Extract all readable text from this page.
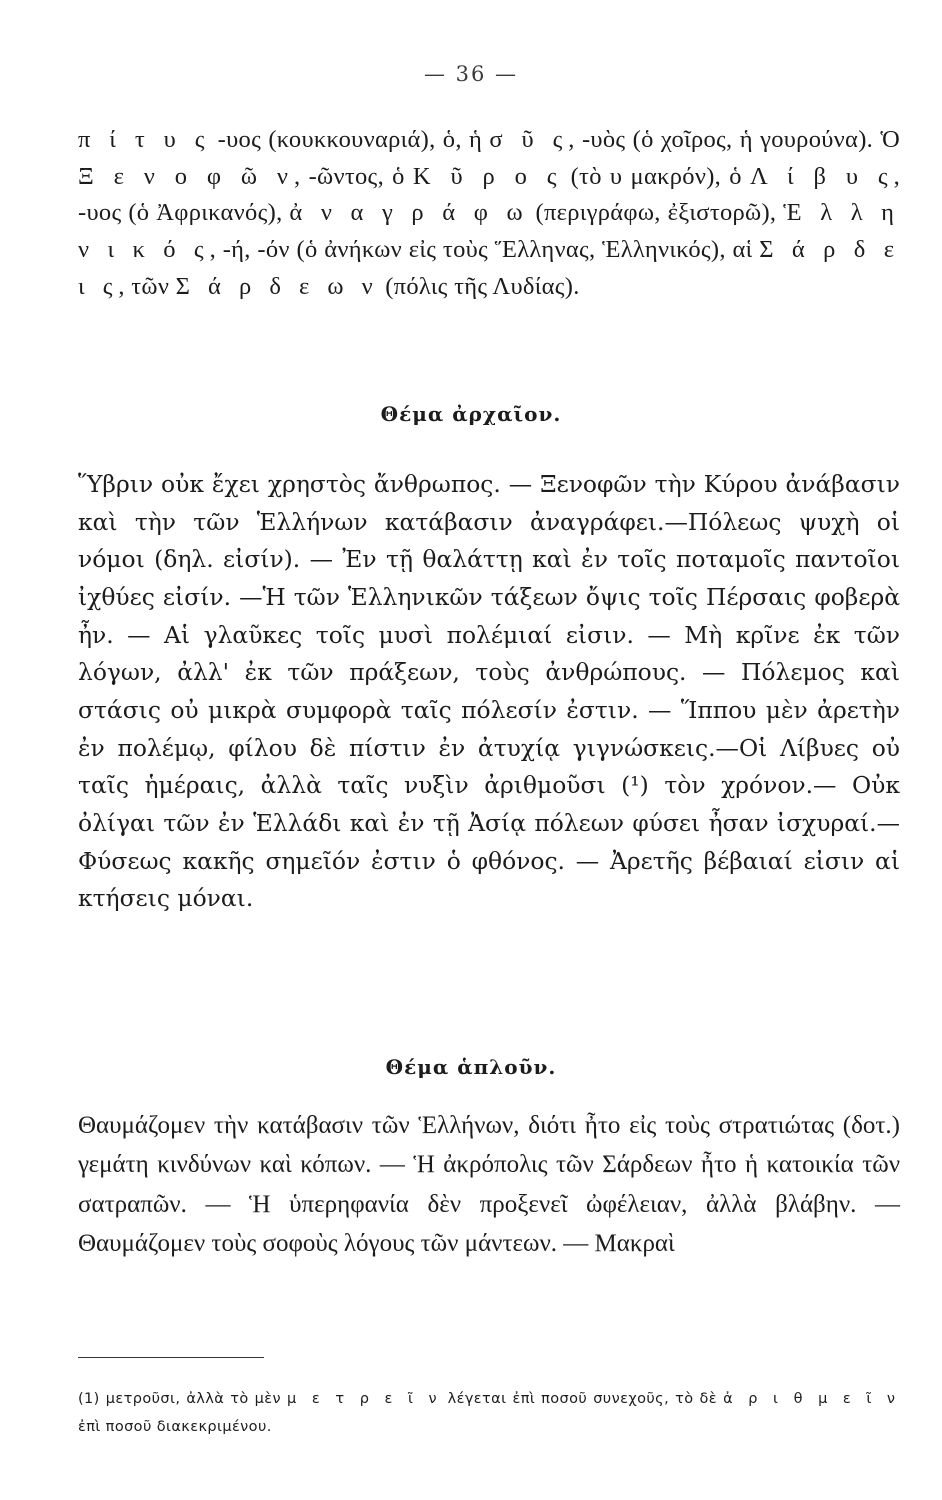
— 36 —
π ί τ υ ς -υος (κουκκουναριά), ὁ, ἡ σ ῦ ς, -υὸς (ὁ χοῖρος, ἡ γουρούνα). Ὁ Ξ ε ν ο φ ῶ ν, -ῶντος, ὁ Κ ῦ ρ ο ς (τὸ υ μακρόν), ὁ Λ ί β υ ς, -υος (ὁ Ἀφρικανός), ἀ ν α γ ρ ά φ ω (περιγράφω, ἐξιστορῶ), Ἑ λ λ η ν ι κ ό ς, -ή, -όν (ὁ ἀνήκων εἰς τοὺς Ἕλληνας, Ἑλληνικός), αἱ Σ ά ρ δ ε ι ς, τῶν Σ ά ρ δ ε ω ν (πόλις τῆς Λυδίας).
Θέμα ἀρχαῖον.
Ὕβριν οὐκ ἔχει χρηστὸς ἄνθρωπος. — Ξενοφῶν τὴν Κύρου ἀνάβασιν καὶ τὴν τῶν Ἑλλήνων κατάβασιν ἀναγράφει.—Πόλεως ψυχὴ οἱ νόμοι (δηλ. εἰσίν). — Ἐν τῇ θαλάττῃ καὶ ἐν τοῖς ποταμοῖς παντοῖοι ἰχθύες εἰσίν. —Ἡ τῶν Ἑλληνικῶν τάξεων ὄψις τοῖς Πέρσαις φοβερὰ ἦν. — Αἱ γλαῦκες τοῖς μυσὶ πολέμιαί εἰσιν. — Μὴ κρῖνε ἐκ τῶν λόγων, ἀλλ' ἐκ τῶν πράξεων, τοὺς ἀνθρώπους. — Πόλεμος καὶ στάσις οὐ μικρὰ συμφορὰ ταῖς πόλεσίν ἐστιν. — Ἵππου μὲν ἀρετὴν ἐν πολέμῳ, φίλου δὲ πίστιν ἐν ἀτυχίᾳ γιγνώσκεις.—Οἱ Λίβυες οὐ ταῖς ἡμέραις, ἀλλὰ ταῖς νυξὶν ἀριθμοῦσι (¹) τὸν χρόνον.— Οὐκ ὀλίγαι τῶν ἐν Ἑλλάδι καὶ ἐν τῇ Ἀσίᾳ πόλεων φύσει ἦσαν ἰσχυραί.— Φύσεως κακῆς σημεῖόν ἐστιν ὁ φθόνος. — Ἀρετῆς βέβαιαί εἰσιν αἱ κτήσεις μόναι.
Θέμα ἁπλοῦν.
Θαυμάζομεν τὴν κατάβασιν τῶν Ἑλλήνων, διότι ἦτο εἰς τοὺς στρατιώτας (δοτ.) γεμάτη κινδύνων καὶ κόπων. — Ἡ ἀκρόπολις τῶν Σάρδεων ἦτο ἡ κατοικία τῶν σατραπῶν. — Ἡ ὑπερηφανία δὲν προξενεῖ ὠφέλειαν, ἀλλὰ βλάβην. — Θαυμάζομεν τοὺς σοφοὺς λόγους τῶν μάντεων. — Μακραὶ
(1) μετροῦσι, ἀλλὰ τὸ μὲν μ ε τ ρ ε ῖ ν λέγεται ἐπὶ ποσοῦ συνεχοῦς, τὸ δὲ ἀ ρ ι θ μ ε ῖ ν ἐπὶ ποσοῦ διακεκριμένου.
